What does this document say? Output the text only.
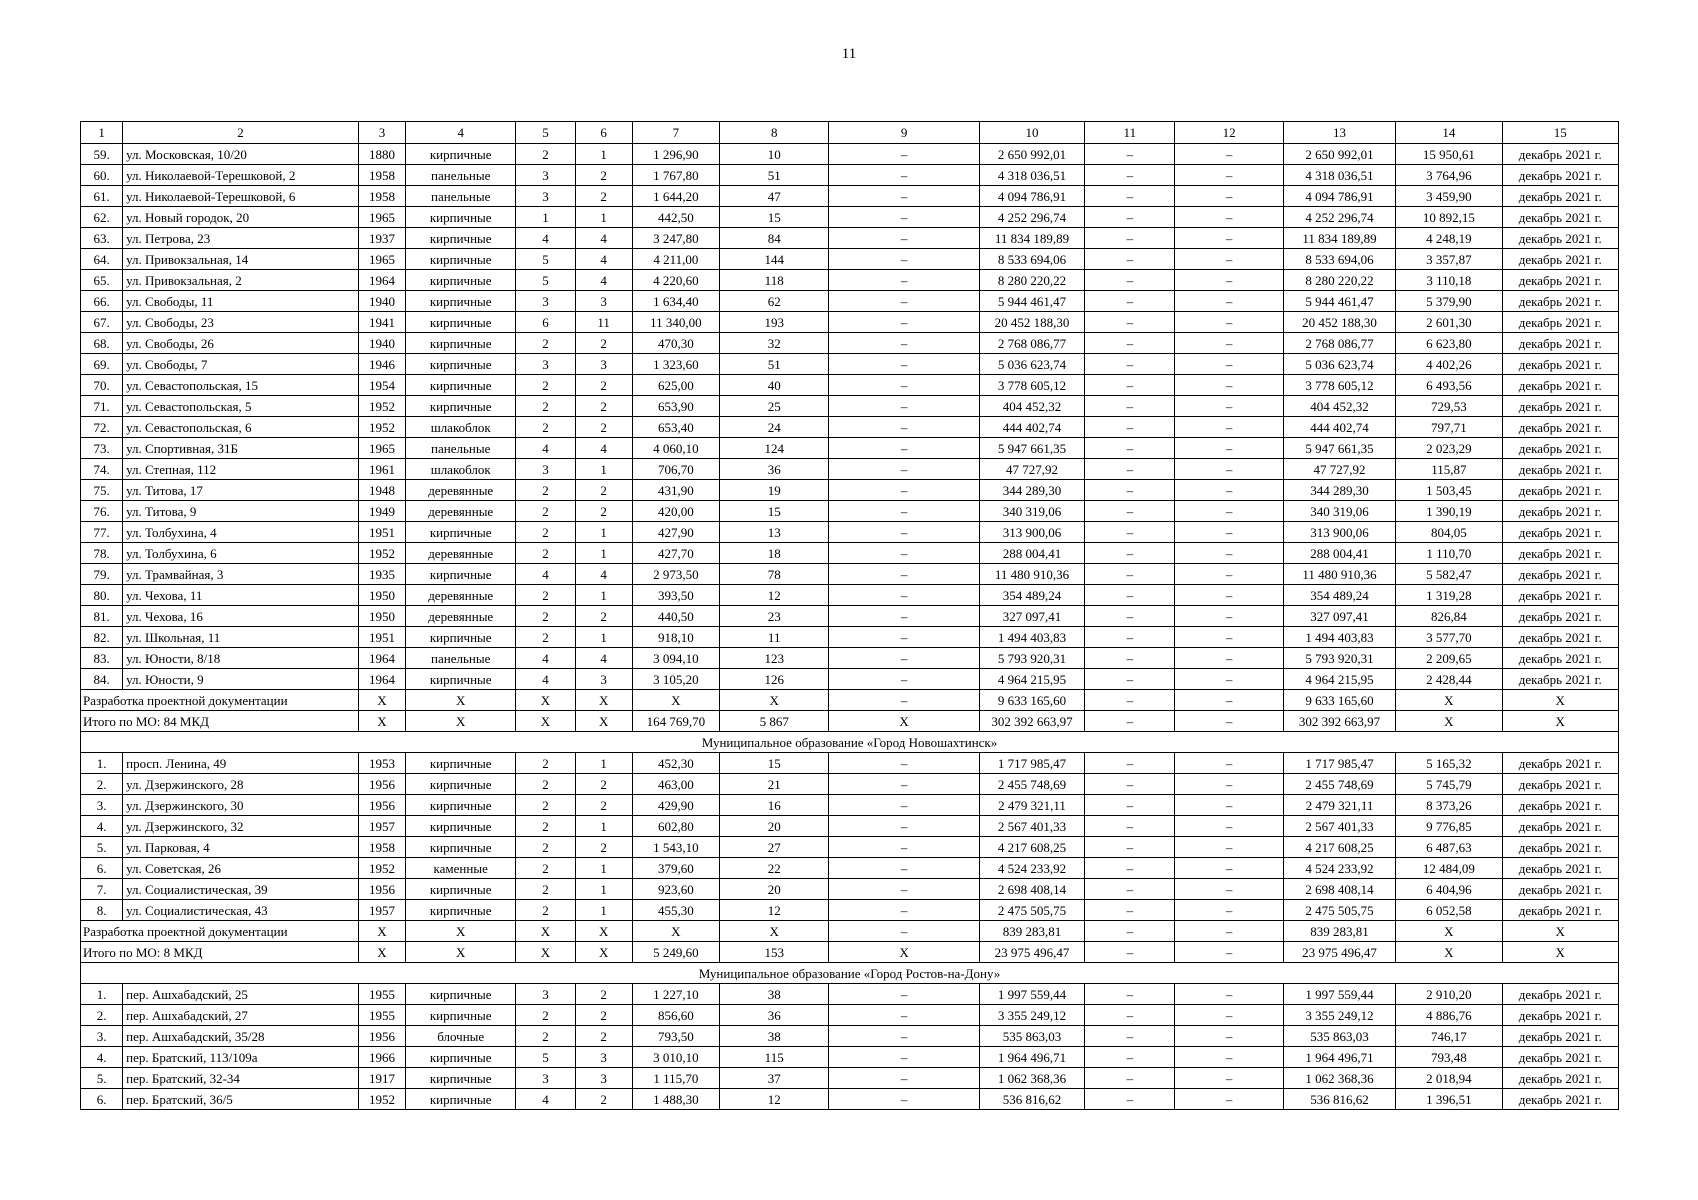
11
1	2	3	4	5	6	7	8	9	10	11	12	13	14	15
59.	ул. Московская, 10/20	1880	кирпичные	2	1	1 296,90	10	–	2 650 992,01	–	–	2 650 992,01	15 950,61	декабрь 2021 г.
60.	ул. Николаевой-Терешковой, 2	1958	панельные	3	2	1 767,80	51	–	4 318 036,51	–	–	4 318 036,51	3 764,96	декабрь 2021 г.
61.	ул. Николаевой-Терешковой, 6	1958	панельные	3	2	1 644,20	47	–	4 094 786,91	–	–	4 094 786,91	3 459,90	декабрь 2021 г.
62.	ул. Новый городок, 20	1965	кирпичные	1	1	442,50	15	–	4 252 296,74	–	–	4 252 296,74	10 892,15	декабрь 2021 г.
63.	ул. Петрова, 23	1937	кирпичные	4	4	3 247,80	84	–	11 834 189,89	–	–	11 834 189,89	4 248,19	декабрь 2021 г.
64.	ул. Привокзальная, 14	1965	кирпичные	5	4	4 211,00	144	–	8 533 694,06	–	–	8 533 694,06	3 357,87	декабрь 2021 г.
65.	ул. Привокзальная, 2	1964	кирпичные	5	4	4 220,60	118	–	8 280 220,22	–	–	8 280 220,22	3 110,18	декабрь 2021 г.
66.	ул. Свободы, 11	1940	кирпичные	3	3	1 634,40	62	–	5 944 461,47	–	–	5 944 461,47	5 379,90	декабрь 2021 г.
67.	ул. Свободы, 23	1941	кирпичные	6	11	11 340,00	193	–	20 452 188,30	–	–	20 452 188,30	2 601,30	декабрь 2021 г.
68.	ул. Свободы, 26	1940	кирпичные	2	2	470,30	32	–	2 768 086,77	–	–	2 768 086,77	6 623,80	декабрь 2021 г.
69.	ул. Свободы, 7	1946	кирпичные	3	3	1 323,60	51	–	5 036 623,74	–	–	5 036 623,74	4 402,26	декабрь 2021 г.
70.	ул. Севастопольская, 15	1954	кирпичные	2	2	625,00	40	–	3 778 605,12	–	–	3 778 605,12	6 493,56	декабрь 2021 г.
71.	ул. Севастопольская, 5	1952	кирпичные	2	2	653,90	25	–	404 452,32	–	–	404 452,32	729,53	декабрь 2021 г.
72.	ул. Севастопольская, 6	1952	шлакоблок	2	2	653,40	24	–	444 402,74	–	–	444 402,74	797,71	декабрь 2021 г.
73.	ул. Спортивная, 31Б	1965	панельные	4	4	4 060,10	124	–	5 947 661,35	–	–	5 947 661,35	2 023,29	декабрь 2021 г.
74.	ул. Степная, 112	1961	шлакоблок	3	1	706,70	36	–	47 727,92	–	–	47 727,92	115,87	декабрь 2021 г.
75.	ул. Титова, 17	1948	деревянные	2	2	431,90	19	–	344 289,30	–	–	344 289,30	1 503,45	декабрь 2021 г.
76.	ул. Титова, 9	1949	деревянные	2	2	420,00	15	–	340 319,06	–	–	340 319,06	1 390,19	декабрь 2021 г.
77.	ул. Толбухина, 4	1951	кирпичные	2	1	427,90	13	–	313 900,06	–	–	313 900,06	804,05	декабрь 2021 г.
78.	ул. Толбухина, 6	1952	деревянные	2	1	427,70	18	–	288 004,41	–	–	288 004,41	1 110,70	декабрь 2021 г.
79.	ул. Трамвайная, 3	1935	кирпичные	4	4	2 973,50	78	–	11 480 910,36	–	–	11 480 910,36	5 582,47	декабрь 2021 г.
80.	ул. Чехова, 11	1950	деревянные	2	1	393,50	12	–	354 489,24	–	–	354 489,24	1 319,28	декабрь 2021 г.
81.	ул. Чехова, 16	1950	деревянные	2	2	440,50	23	–	327 097,41	–	–	327 097,41	826,84	декабрь 2021 г.
82.	ул. Школьная, 11	1951	кирпичные	2	1	918,10	11	–	1 494 403,83	–	–	1 494 403,83	3 577,70	декабрь 2021 г.
83.	ул. Юности, 8/18	1964	панельные	4	4	3 094,10	123	–	5 793 920,31	–	–	5 793 920,31	2 209,65	декабрь 2021 г.
84.	ул. Юности, 9	1964	кирпичные	4	3	3 105,20	126	–	4 964 215,95	–	–	4 964 215,95	2 428,44	декабрь 2021 г.
Разработка проектной документации		Х	Х	Х	Х	Х	Х	–	9 633 165,60	–	–	9 633 165,60	Х	Х
Итого по МО: 84 МКД		Х	Х	Х	Х	164 769,70	5 867	Х	302 392 663,97	–	–	302 392 663,97	Х	Х
Муниципальное образование «Город Новошахтинск»														
1.	просп. Ленина, 49	1953	кирпичные	2	1	452,30	15	–	1 717 985,47	–	–	1 717 985,47	5 165,32	декабрь 2021 г.
2.	ул. Дзержинского, 28	1956	кирпичные	2	2	463,00	21	–	2 455 748,69	–	–	2 455 748,69	5 745,79	декабрь 2021 г.
3.	ул. Дзержинского, 30	1956	кирпичные	2	2	429,90	16	–	2 479 321,11	–	–	2 479 321,11	8 373,26	декабрь 2021 г.
4.	ул. Дзержинского, 32	1957	кирпичные	2	1	602,80	20	–	2 567 401,33	–	–	2 567 401,33	9 776,85	декабрь 2021 г.
5.	ул. Парковая, 4	1958	кирпичные	2	2	1 543,10	27	–	4 217 608,25	–	–	4 217 608,25	6 487,63	декабрь 2021 г.
6.	ул. Советская, 26	1952	каменные	2	1	379,60	22	–	4 524 233,92	–	–	4 524 233,92	12 484,09	декабрь 2021 г.
7.	ул. Социалистическая, 39	1956	кирпичные	2	1	923,60	20	–	2 698 408,14	–	–	2 698 408,14	6 404,96	декабрь 2021 г.
8.	ул. Социалистическая, 43	1957	кирпичные	2	1	455,30	12	–	2 475 505,75	–	–	2 475 505,75	6 052,58	декабрь 2021 г.
Разработка проектной документации		Х	Х	Х	Х	Х	Х	–	839 283,81	–	–	839 283,81	Х	Х
Итого по МО: 8 МКД		Х	Х	Х	Х	5 249,60	153	Х	23 975 496,47	–	–	23 975 496,47	Х	Х
Муниципальное образование «Город Ростов-на-Дону»														
1.	пер. Ашхабадский, 25	1955	кирпичные	3	2	1 227,10	38	–	1 997 559,44	–	–	1 997 559,44	2 910,20	декабрь 2021 г.
2.	пер. Ашхабадский, 27	1955	кирпичные	2	2	856,60	36	–	3 355 249,12	–	–	3 355 249,12	4 886,76	декабрь 2021 г.
3.	пер. Ашхабадский, 35/28	1956	блочные	2	2	793,50	38	–	535 863,03	–	–	535 863,03	746,17	декабрь 2021 г.
4.	пер. Братский, 113/109а	1966	кирпичные	5	3	3 010,10	115	–	1 964 496,71	–	–	1 964 496,71	793,48	декабрь 2021 г.
5.	пер. Братский, 32-34	1917	кирпичные	3	3	1 115,70	37	–	1 062 368,36	–	–	1 062 368,36	2 018,94	декабрь 2021 г.
6.	пер. Братский, 36/5	1952	кирпичные	4	2	1 488,30	12	–	536 816,62	–	–	536 816,62	1 396,51	декабрь 2021 г.
